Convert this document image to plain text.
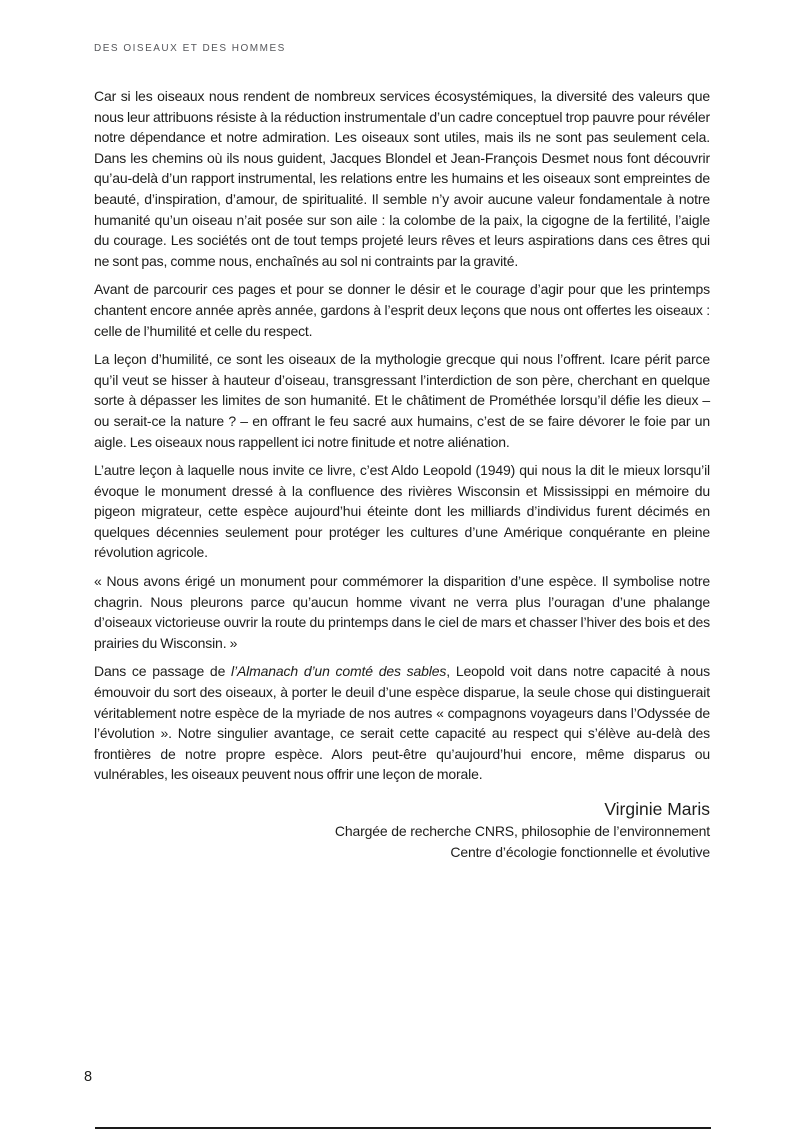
DES OISEAUX ET DES HOMMES

Car si les oiseaux nous rendent de nombreux services écosystémiques, la diversité des valeurs que nous leur attribuons résiste à la réduction instrumentale d’un cadre conceptuel trop pauvre pour révéler notre dépendance et notre admiration. Les oiseaux sont utiles, mais ils ne sont pas seulement cela. Dans les chemins où ils nous guident, Jacques Blondel et Jean-François Desmet nous font découvrir qu’au-delà d’un rapport instrumental, les relations entre les humains et les oiseaux sont empreintes de beauté, d’inspiration, d’amour, de spiritualité. Il semble n’y avoir aucune valeur fondamentale à notre humanité qu’un oiseau n’ait posée sur son aile : la colombe de la paix, la cigogne de la fertilité, l’aigle du courage. Les sociétés ont de tout temps projeté leurs rêves et leurs aspirations dans ces êtres qui ne sont pas, comme nous, enchaînés au sol ni contraints par la gravité.

Avant de parcourir ces pages et pour se donner le désir et le courage d’agir pour que les printemps chantent encore année après année, gardons à l’esprit deux leçons que nous ont offertes les oiseaux : celle de l’humilité et celle du respect.

La leçon d’humilité, ce sont les oiseaux de la mythologie grecque qui nous l’offrent. Icare périt parce qu’il veut se hisser à hauteur d’oiseau, transgressant l’interdiction de son père, cherchant en quelque sorte à dépasser les limites de son humanité. Et le châtiment de Prométhée lorsqu’il défie les dieux – ou serait-ce la nature ? – en offrant le feu sacré aux humains, c’est de se faire dévorer le foie par un aigle. Les oiseaux nous rappellent ici notre finitude et notre aliénation.

L’autre leçon à laquelle nous invite ce livre, c’est Aldo Leopold (1949) qui nous la dit le mieux lorsqu’il évoque le monument dressé à la confluence des rivières Wisconsin et Mississippi en mémoire du pigeon migrateur, cette espèce aujourd’hui éteinte dont les milliards d’individus furent décimés en quelques décennies seulement pour protéger les cultures d’une Amérique conquérante en pleine révolution agricole.

« Nous avons érigé un monument pour commémorer la disparition d’une espèce. Il symbolise notre chagrin. Nous pleurons parce qu’aucun homme vivant ne verra plus l’ouragan d’une phalange d’oiseaux victorieuse ouvrir la route du printemps dans le ciel de mars et chasser l’hiver des bois et des prairies du Wisconsin. »

Dans ce passage de l’Almanach d’un comté des sables, Leopold voit dans notre capacité à nous émouvoir du sort des oiseaux, à porter le deuil d’une espèce disparue, la seule chose qui distinguerait véritablement notre espèce de la myriade de nos autres « compagnons voyageurs dans l’Odyssée de l’évolution ». Notre singulier avantage, ce serait cette capacité au respect qui s’élève au-delà des frontières de notre propre espèce. Alors peut-être qu’aujourd’hui encore, même disparus ou vulnérables, les oiseaux peuvent nous offrir une leçon de morale.

Virginie Maris
Chargée de recherche CNRS, philosophie de l’environnement
Centre d’écologie fonctionnelle et évolutive
8
